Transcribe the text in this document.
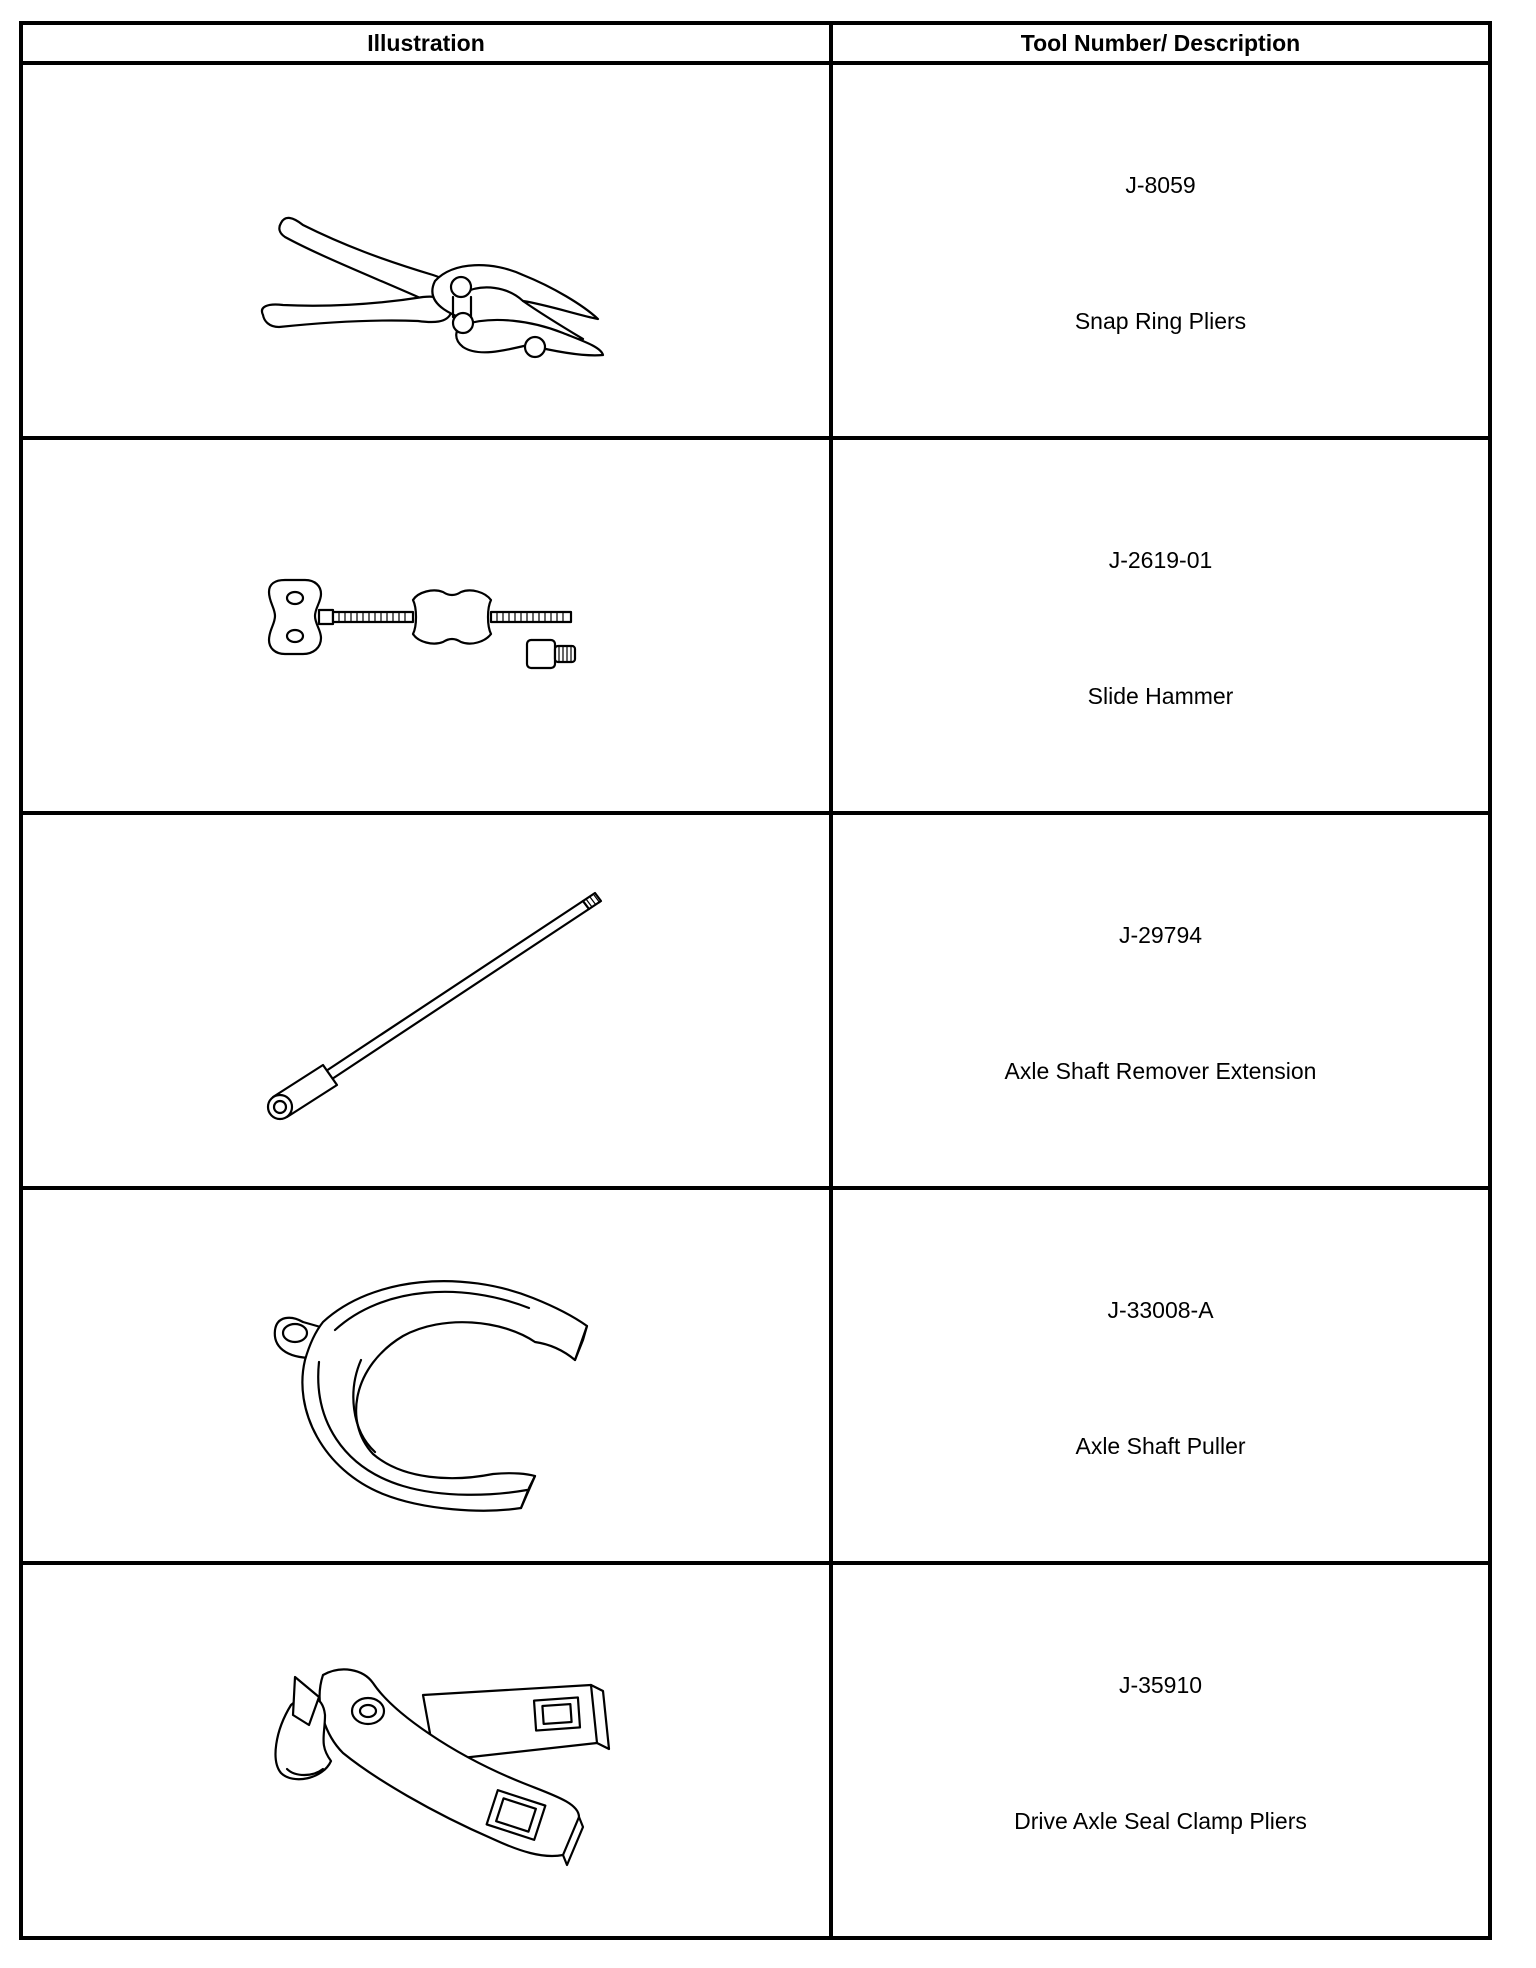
Illustration	Tool Number/ Description

J-8059
Snap Ring Pliers

J-2619-01
Slide Hammer

J-29794
Axle Shaft Remover Extension

J-33008-A
Axle Shaft Puller

J-35910
Drive Axle Seal Clamp Pliers
